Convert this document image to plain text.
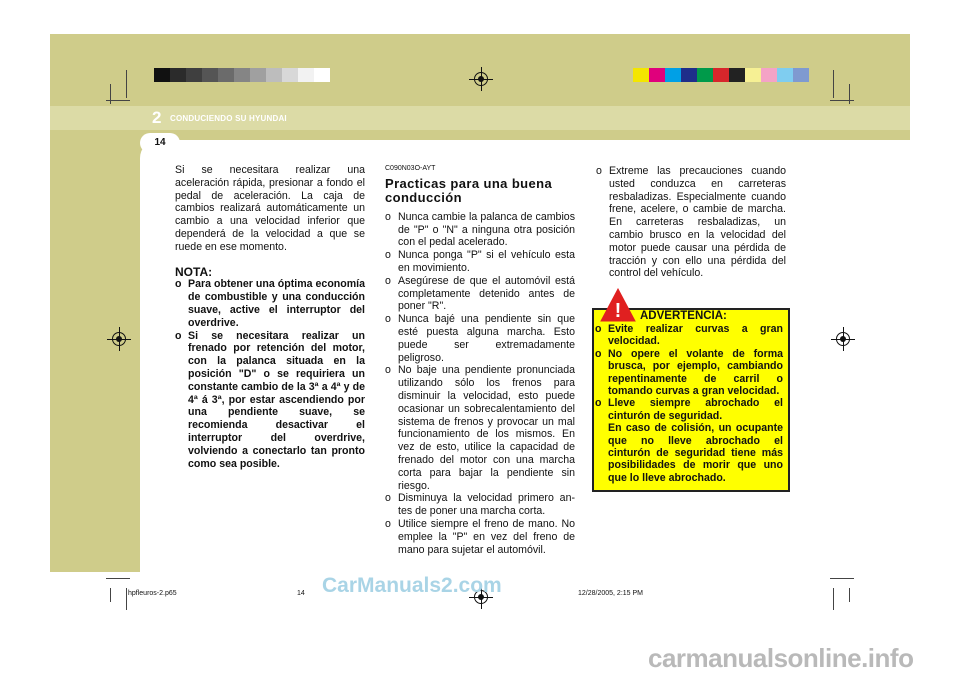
14
2 CONDUCIENDO SU HYUNDAI

Si se necesitara realizar una aceleración rápida, presionar a fondo el pedal de aceleración. La caja de cambios realizará automáticamente un cambio a una velocidad inferior que dependerá de la velocidad a que se ruede en ese momento.

NOTA:
o Para obtener una óptima economía de combustible y una conducción suave, active el interruptor del overdrive.
o Si se necesitara realizar un frenado por retención del motor, con la palanca situada en la posición "D" o se requiriera un constante cambio de la 3ª a 4ª y de 4ª á 3ª, por estar ascendiendo por una pendiente suave, se recomienda desactivar el interruptor del overdrive, volviendo a conectarlo tan pronto como sea posible.
C090N03O-AYT
Practicas para una buena conducción
o Nunca cambie la palanca de cambios de "P" o "N" a ninguna otra posición con el pedal acelerado.
o Nunca ponga "P" si el vehículo esta en movimiento.
o Asegúrese de que el automóvil está completamente detenido antes de poner "R".
o Nunca bajé una pendiente sin que esté puesta alguna marcha. Esto puede ser extremadamente peligroso.
o No baje una pendiente pronunciada utilizando sólo los frenos para disminuir la velocidad, esto puede ocasionar un sobrecalentamiento del sistema de frenos y provocar un mal funcionamiento de los mismos. En vez de esto, utilice la capacidad de frenado del motor con una marcha corta para bajar la pendiente sin riesgo.
o Disminuya la velocidad primero an- tes de poner una marcha corta.
o Utilice siempre el freno de mano. No emplee la "P" en vez del freno de mano para sujetar el automóvil.
o Extreme las precauciones cuando usted conduzca en carreteras resbaladizas. Especialmente cuando frene, acelere, o cambie de marcha. En carreteras resbaladizas, un cambio brusco en la velocidad del motor puede causar una pérdida de tracción y con ello una pérdida del control del vehículo.
! ADVERTENCIA:
o Evite realizar curvas a gran velocidad.
o No opere el volante de forma brusca, por ejemplo, cambiando repentinamente de carril o tomando curvas a gran velocidad.
o Lleve siempre abrochado el cinturón de seguridad.
En caso de colisión, un ocupante que no lleve abrochado el cinturón de seguridad tiene más posibilidades de morir que uno que lo lleve abrochado.
hpfleuros-2.p65	14	12/28/2005, 2:15 PM
CarManuals2.com
carmanualsonline.info
